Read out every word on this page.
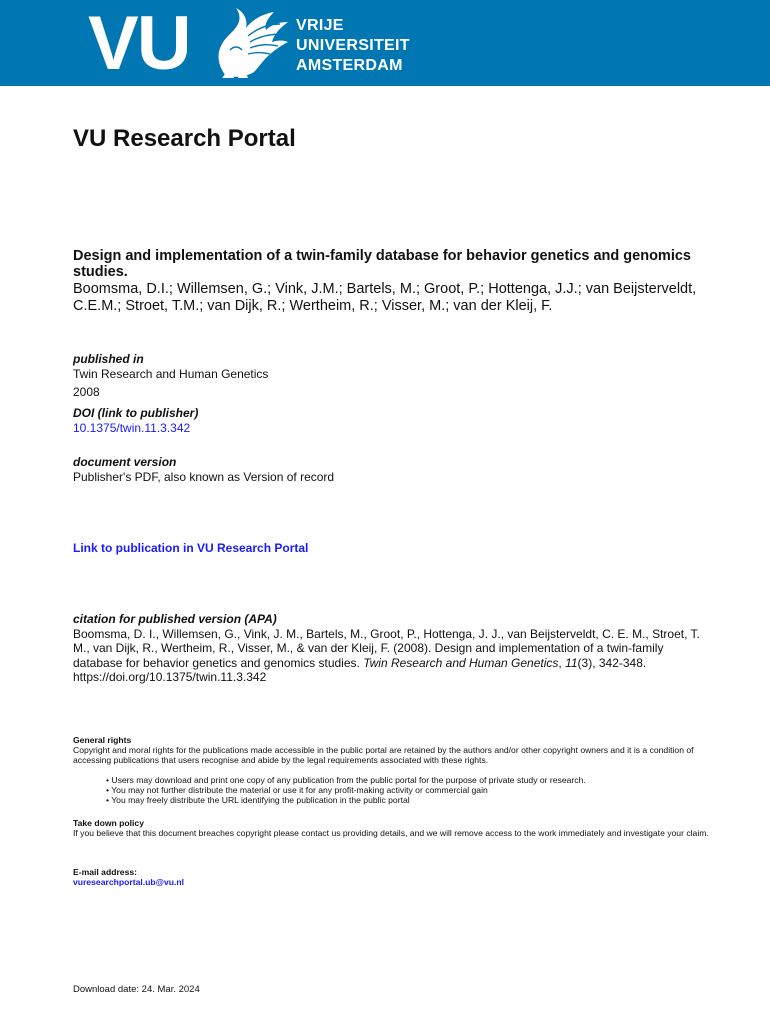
VU	VRIJE
UNIVERSITEIT
AMSTERDAM
VU Research Portal
Design and implementation of a twin-family database for behavior genetics and genomics studies.
Boomsma, D.I.; Willemsen, G.; Vink, J.M.; Bartels, M.; Groot, P.; Hottenga, J.J.; van Beijsterveldt, C.E.M.; Stroet, T.M.; van Dijk, R.; Wertheim, R.; Visser, M.; van der Kleij, F.
published in
Twin Research and Human Genetics
2008
DOI (link to publisher)
10.1375/twin.11.3.342
document version
Publisher's PDF, also known as Version of record
Link to publication in VU Research Portal
citation for published version (APA)
Boomsma, D. I., Willemsen, G., Vink, J. M., Bartels, M., Groot, P., Hottenga, J. J., van Beijsterveldt, C. E. M., Stroet, T. M., van Dijk, R., Wertheim, R., Visser, M., & van der Kleij, F. (2008). Design and implementation of a twin-family database for behavior genetics and genomics studies. Twin Research and Human Genetics, 11(3), 342-348. https://doi.org/10.1375/twin.11.3.342
General rights
Copyright and moral rights for the publications made accessible in the public portal are retained by the authors and/or other copyright owners and it is a condition of accessing publications that users recognise and abide by the legal requirements associated with these rights.
• Users may download and print one copy of any publication from the public portal for the purpose of private study or research.
• You may not further distribute the material or use it for any profit-making activity or commercial gain
• You may freely distribute the URL identifying the publication in the public portal
Take down policy
If you believe that this document breaches copyright please contact us providing details, and we will remove access to the work immediately and investigate your claim.
E-mail address:
vuresearchportal.ub@vu.nl
Download date: 24. Mar. 2024
